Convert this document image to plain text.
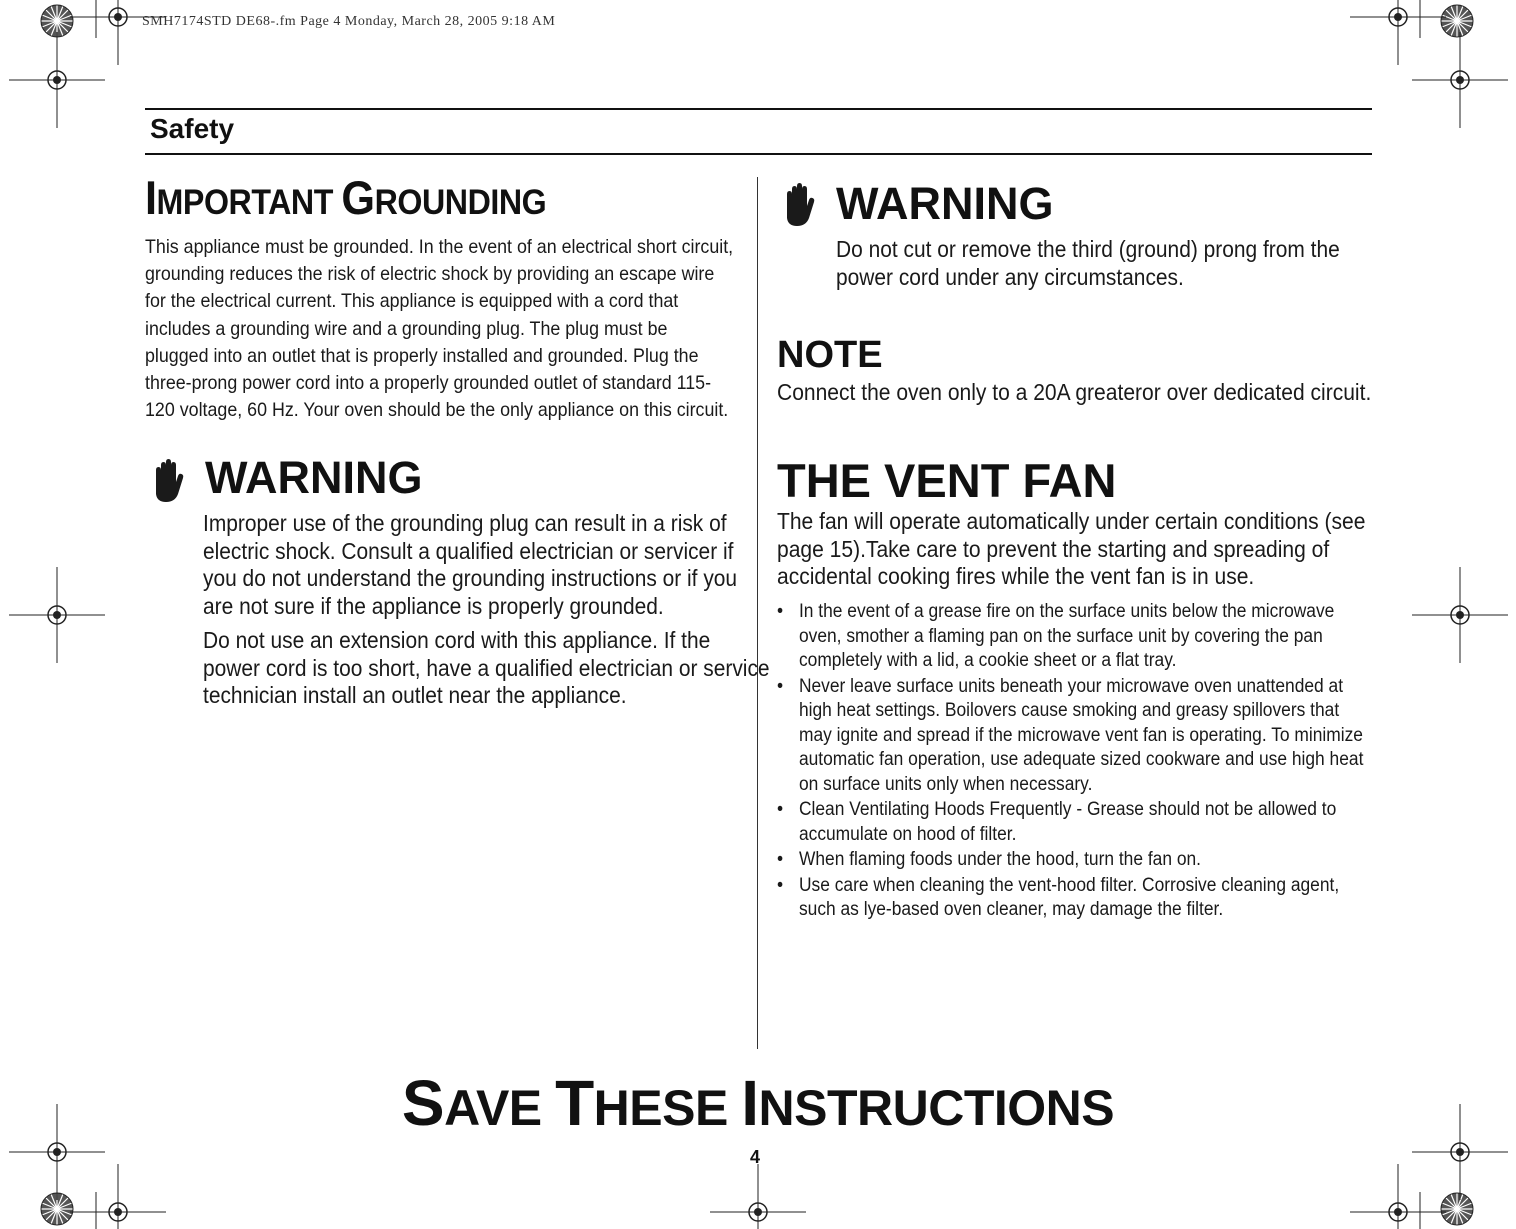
SMH7174STD DE68-.fm Page 4 Monday, March 28, 2005 9:18 AM
Safety
IMPORTANT GROUNDING
This appliance must be grounded. In the event of an electrical short circuit, grounding reduces the risk of electric shock by providing an escape wire for the electrical current. This appliance is equipped with a cord that includes a grounding wire and a grounding plug. The plug must be plugged into an outlet that is properly installed and grounded. Plug the three-prong power cord into a properly grounded outlet of standard 115-120 voltage, 60 Hz. Your oven should be the only appliance on this circuit.
WARNING
Improper use of the grounding plug can result in a risk of electric shock. Consult a qualified electrician or servicer if you do not understand the grounding instructions or if you are not sure if the appliance is properly grounded.
Do not use an extension cord with this appliance. If the power cord is too short, have a qualified electrician or service technician install an outlet near the appliance.
WARNING
Do not cut or remove the third (ground) prong from the power cord under any circumstances.
NOTE
Connect the oven only to a 20A greateror over dedicated circuit.
THE VENT FAN
The fan will operate automatically under certain conditions (see page 15).Take care to prevent the starting and spreading of accidental cooking fires while the vent fan is in use.
• In the event of a grease fire on the surface units below the microwave oven, smother a flaming pan on the surface unit by covering the pan completely with a lid, a cookie sheet or a flat tray.
• Never leave surface units beneath your microwave oven unattended at high heat settings. Boilovers cause smoking and greasy spillovers that may ignite and spread if the microwave vent fan is operating. To minimize automatic fan operation, use adequate sized cookware and use high heat on surface units only when necessary.
• Clean Ventilating Hoods Frequently - Grease should not be allowed to accumulate on hood of filter.
• When flaming foods under the hood, turn the fan on.
• Use care when cleaning the vent-hood filter. Corrosive cleaning agent, such as lye-based oven cleaner, may damage the filter.
SAVE THESE INSTRUCTIONS
4
